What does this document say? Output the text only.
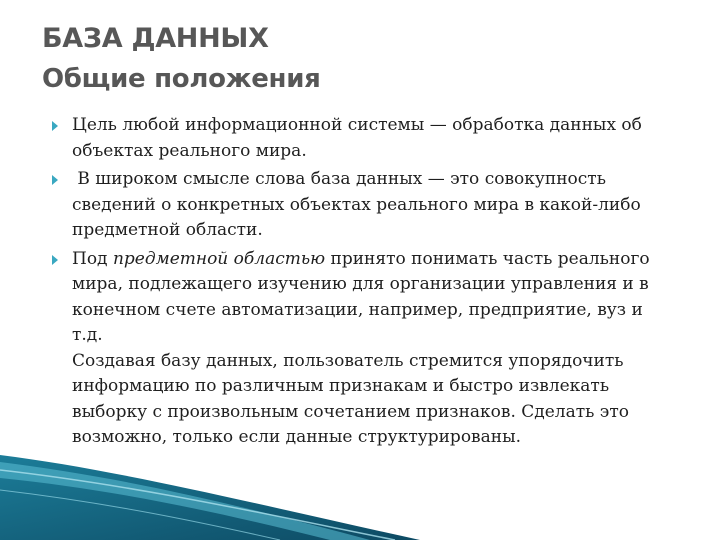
БАЗА ДАННЫХ
Общие положения
Цель любой информационной системы — обработка данных об объектах реального мира.
В широком смысле слова база данных — это совокупность сведений о конкретных объектах реального мира в какой-либо предметной области.
Под предметной областью принято понимать часть реального мира, подлежащего изучению для организации управления и в конечном счете автоматизации, например, предприятие, вуз и т.д.
Создавая базу данных, пользователь стремится упорядочить информацию по различным признакам и быстро извлекать выборку с произвольным сочетанием признаков. Сделать это возможно, только если данные структурированы.
